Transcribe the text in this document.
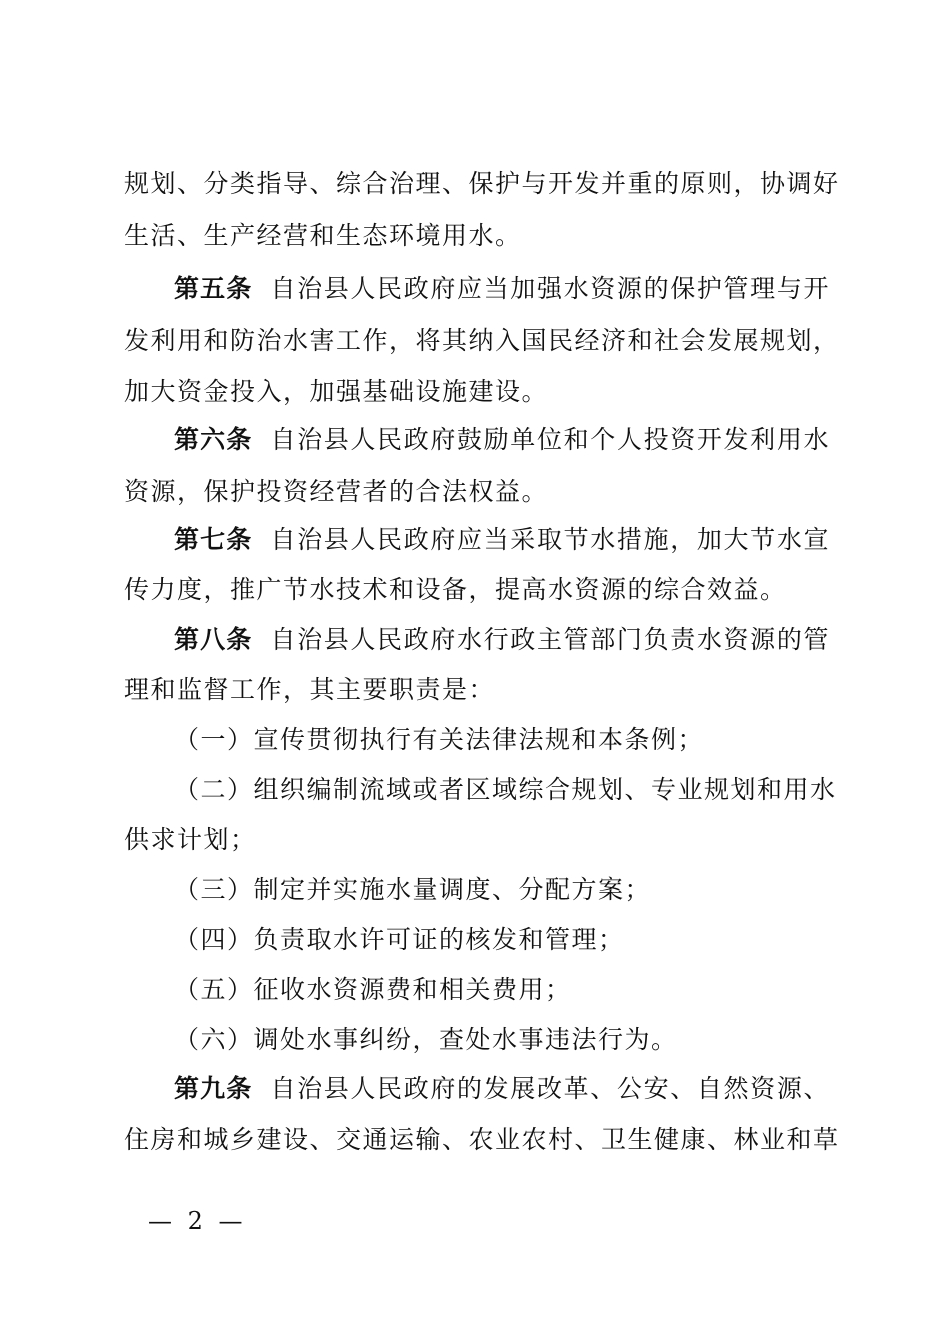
规划、分类指导、综合治理、保护与开发并重的原则，协调好
生活、生产经营和生态环境用水。
第五条 自治县人民政府应当加强水资源的保护管理与开
发利用和防治水害工作，将其纳入国民经济和社会发展规划，
加大资金投入，加强基础设施建设。
第六条 自治县人民政府鼓励单位和个人投资开发利用水
资源，保护投资经营者的合法权益。
第七条 自治县人民政府应当采取节水措施，加大节水宣
传力度，推广节水技术和设备，提高水资源的综合效益。
第八条 自治县人民政府水行政主管部门负责水资源的管
理和监督工作，其主要职责是：
（一）宣传贯彻执行有关法律法规和本条例；
（二）组织编制流域或者区域综合规划、专业规划和用水
供求计划；
（三）制定并实施水量调度、分配方案；
（四）负责取水许可证的核发和管理；
（五）征收水资源费和相关费用；
（六）调处水事纠纷，查处水事违法行为。
第九条 自治县人民政府的发展改革、公安、自然资源、
住房和城乡建设、交通运输、农业农村、卫生健康、林业和草
— 2 —
